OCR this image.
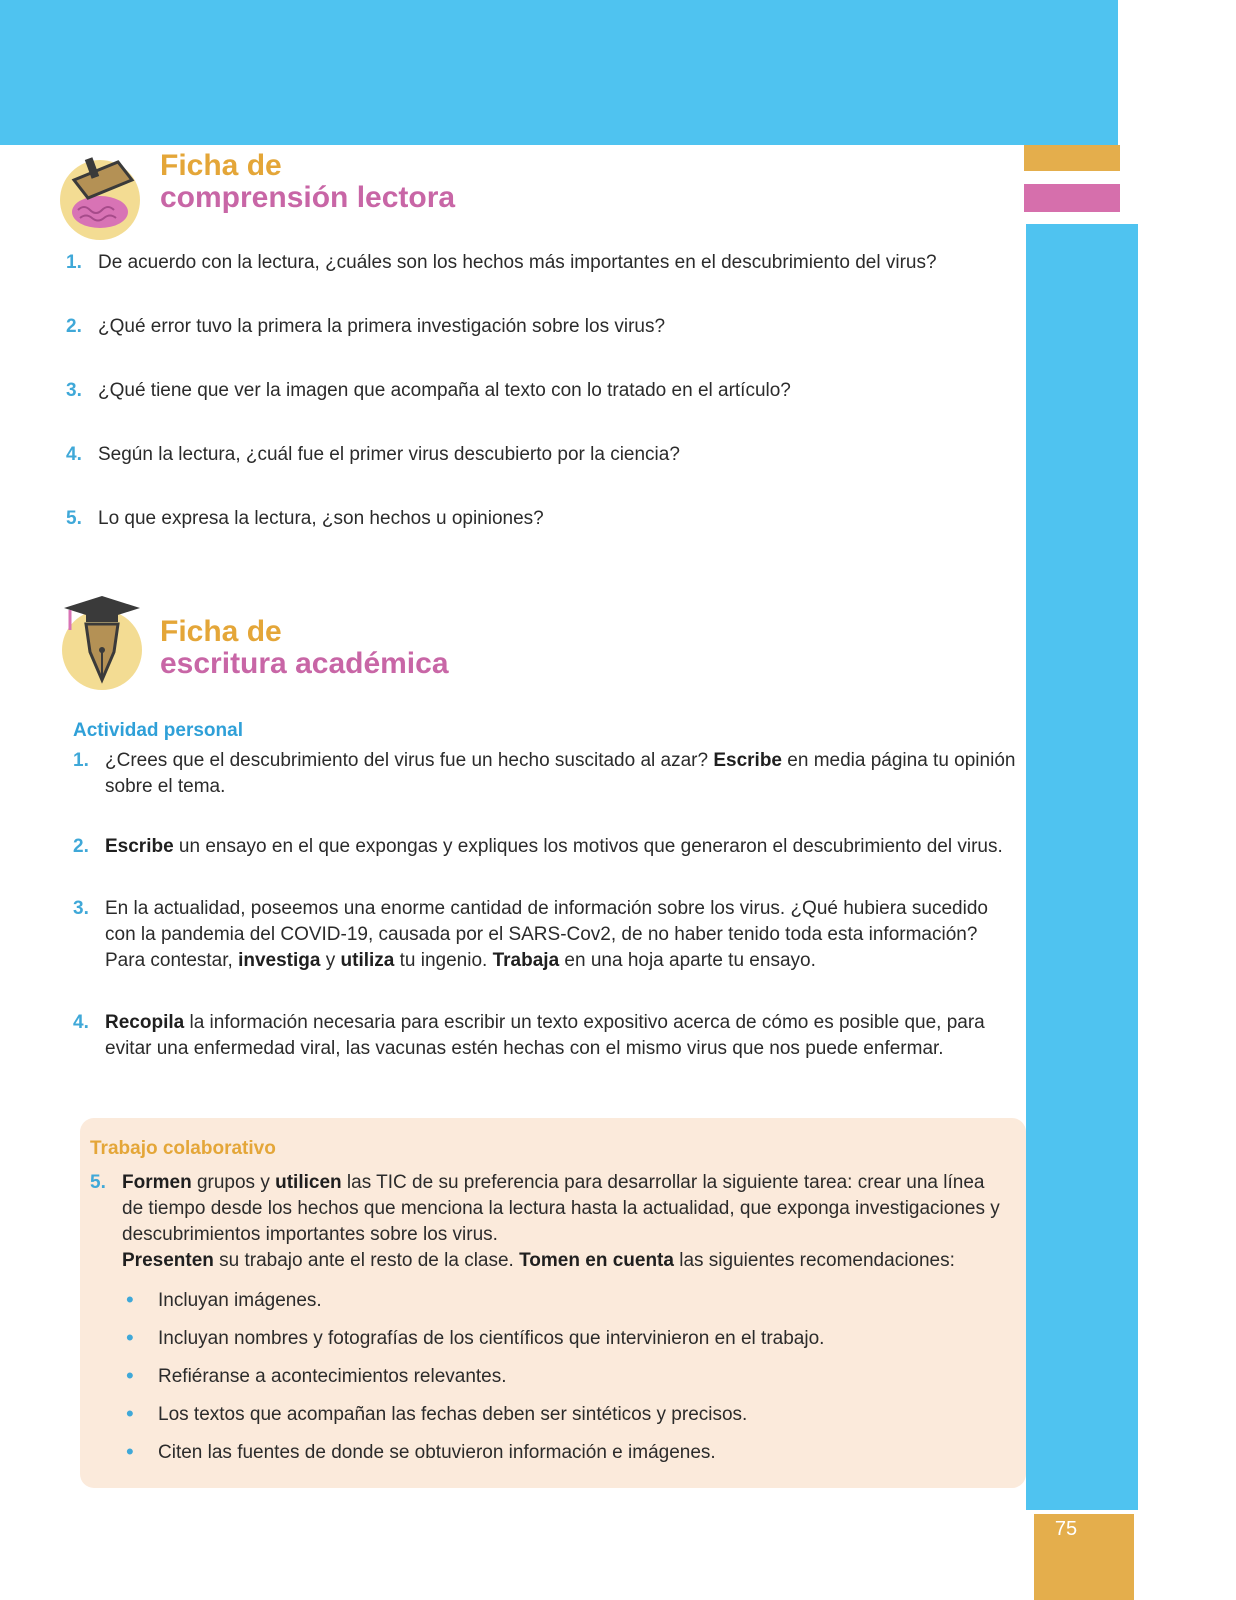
75
Ficha de
comprensión lectora
1. De acuerdo con la lectura, ¿cuáles son los hechos más importantes en el descubrimiento del virus?
2. ¿Qué error tuvo la primera la primera investigación sobre los virus?
3. ¿Qué tiene que ver la imagen que acompaña al texto con lo tratado en el artículo?
4. Según la lectura, ¿cuál fue el primer virus descubierto por la ciencia?
5. Lo que expresa la lectura, ¿son hechos u opiniones?
Ficha de
escritura académica
Actividad personal
1. ¿Crees que el descubrimiento del virus fue un hecho suscitado al azar? Escribe en media página tu opinión sobre el tema.
2. Escribe un ensayo en el que expongas y expliques los motivos que generaron el descubrimiento del virus.
3. En la actualidad, poseemos una enorme cantidad de información sobre los virus. ¿Qué hubiera sucedido con la pandemia del COVID-19, causada por el SARS-Cov2, de no haber tenido toda esta información? Para contestar, investiga y utiliza tu ingenio. Trabaja en una hoja aparte tu ensayo.
4. Recopila la información necesaria para escribir un texto expositivo acerca de cómo es posible que, para evitar una enfermedad viral, las vacunas estén hechas con el mismo virus que nos puede enfermar.
Trabajo colaborativo
5. Formen grupos y utilicen las TIC de su preferencia para desarrollar la siguiente tarea: crear una línea de tiempo desde los hechos que menciona la lectura hasta la actualidad, que exponga investigaciones y descubrimientos importantes sobre los virus.
Presenten su trabajo ante el resto de la clase. Tomen en cuenta las siguientes recomendaciones:
•	Incluyan imágenes.
•	Incluyan nombres y fotografías de los científicos que intervinieron en el trabajo.
•	Refiéranse a acontecimientos relevantes.
•	Los textos que acompañan las fechas deben ser sintéticos y precisos.
•	Citen las fuentes de donde se obtuvieron información e imágenes.
